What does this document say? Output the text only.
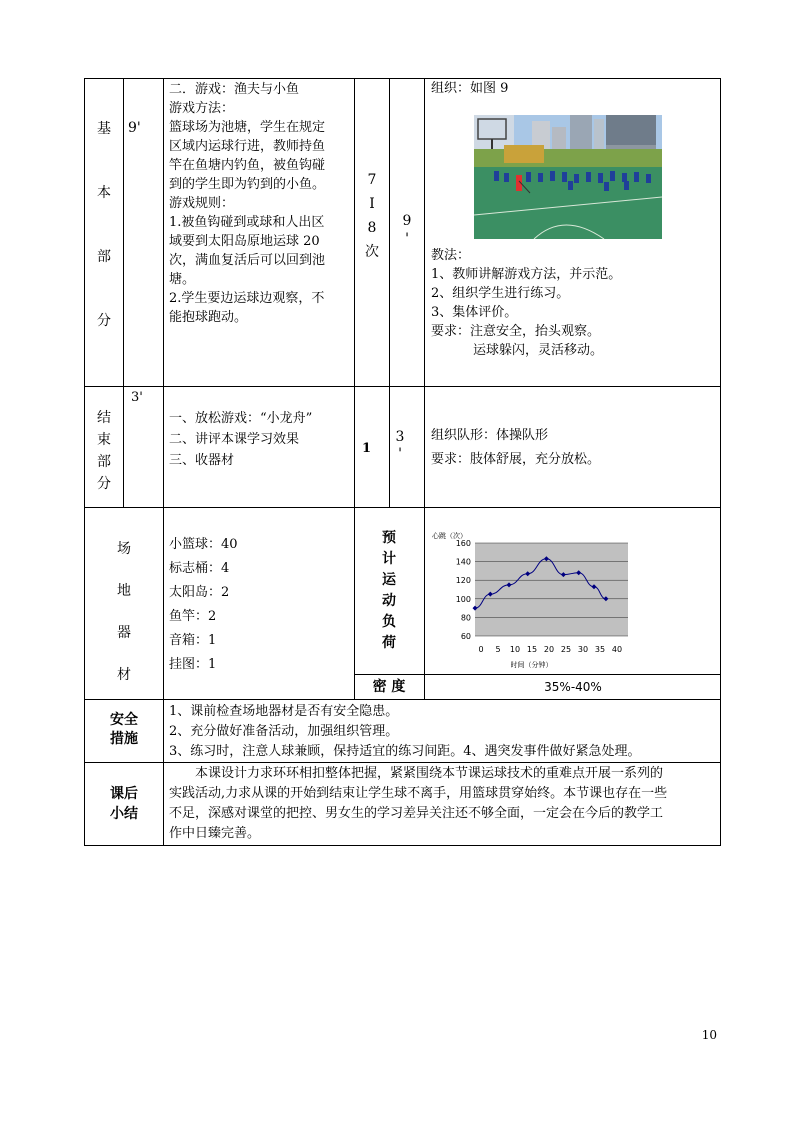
基
本
部
分
9'
二．游戏：渔夫与小鱼
游戏方法：
篮球场为池塘，学生在规定
区域内运球行进，教师持鱼
竿在鱼塘内钓鱼，被鱼钩碰
到的学生即为钓到的小鱼。
游戏规则：
1.被鱼钩碰到或球和人出区
域要到太阳岛原地运球 20
次，满血复活后可以回到池
塘。
2.学生要边运球边观察，不
能抱球跑动。
7
I
8
次
9
'
组织：如图 9
教法：
1、教师讲解游戏方法，并示范。
2、组织学生进行练习。
3、集体评价。
要求：注意安全，抬头观察。
运球躲闪，灵活移动。
结
束
部
分
3'
一、放松游戏：“小龙舟”
二、讲评本课学习效果
三、收器材
1
3
'
组织队形：体操队形
要求：肢体舒展，充分放松。
场
地
器
材
小篮球：40
标志桶：4
太阳岛：2
鱼竿：2
音箱：1
挂图：1
预
计
运
动
负
荷
160
140
120
100
80
60
0 5 10 15 20 25 30 35 40
心跳（次）
时间（分钟）
密 度	35%-40%
安全
措施
1、课前检查场地器材是否有安全隐患。
2、充分做好准备活动，加强组织管理。
3、练习时，注意人球兼顾，保持适宜的练习间距。4、遇突发事件做好紧急处理。
课后
小结
本课设计力求环环相扣整体把握，紧紧围绕本节课运球技术的重难点开展一系列的
实践活动,力求从课的开始到结束让学生球不离手，用篮球贯穿始终。本节课也存在一些
不足，深感对课堂的把控、男女生的学习差异关注还不够全面，一定会在今后的教学工
作中日臻完善。
10
